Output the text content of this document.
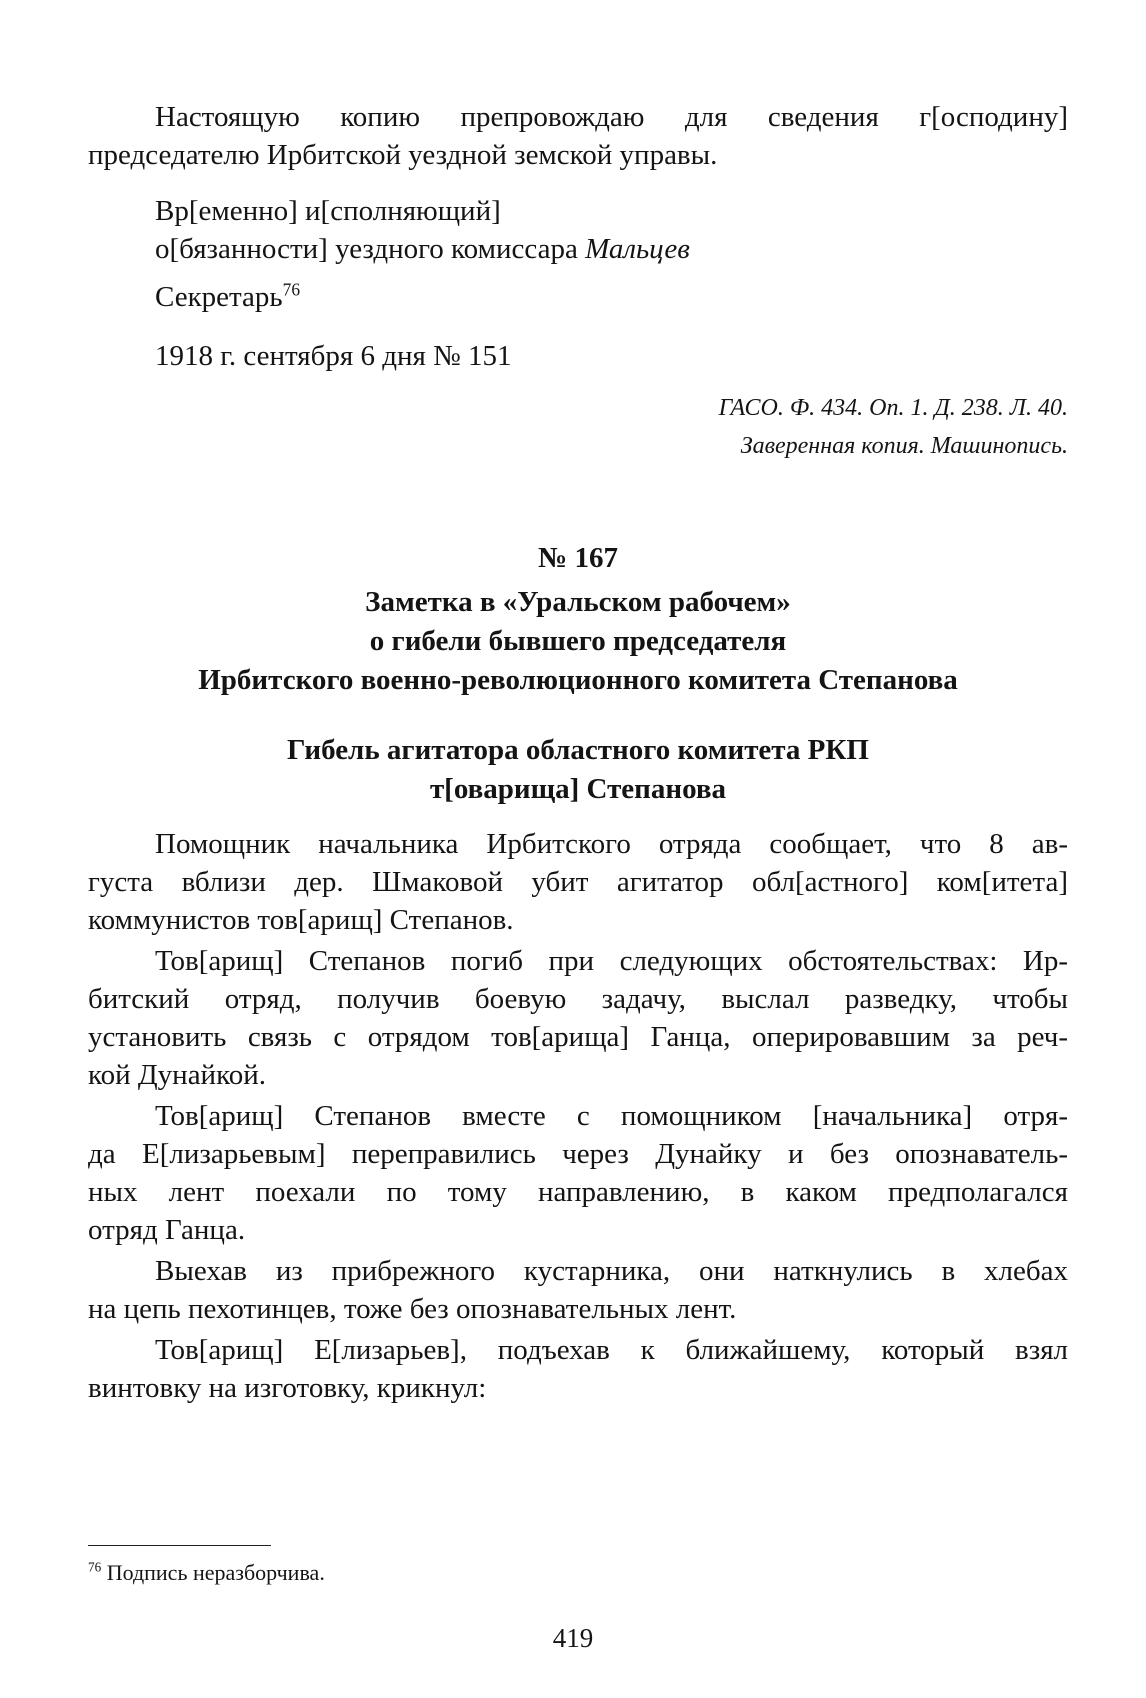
Настоящую копию препровождаю для сведения г[осподину]

председателю Ирбитской уездной земской управы.

Вр[еменно] и[сполняющий]

о[бязанности] уездного комиссара Мальцев

Секретарь$^{76}$

1918 г. сентября 6 дня № 151

ГАСО. Ф. 434. Оп. 1. Д. 238. Л. 40.

Заверенная копия. Машинопись.

№ 167

Заметка в «Уральском рабочем»

о гибели бывшего председателя

Ирбитского военно-революционного комитета Степанова

Гибель агитатора областного комитета РКП

т[оварища] Степанова

Помощник начальника Ирбитского отряда сообщает, что 8 ав-

густа вблизи дер. Шмаковой убит агитатор обл[астного] ком[итета]

коммунистов тов[арищ] Степанов.

Тов[арищ] Степанов погиб при следующих обстоятельствах: Ир-

битский отряд, получив боевую задачу, выслал разведку, чтобы

установить связь с отрядом тов[арища] Ганца, оперировавшим за реч-

кой Дунайкой.

Тов[арищ] Степанов вместе с помощником [начальника] отря-

да Е[лизарьевым] переправились через Дунайку и без опознаватель-

ных лент поехали по тому направлению, в каком предполагался

отряд Ганца.

Выехав из прибрежного кустарника, они наткнулись в хлебах

на цепь пехотинцев, тоже без опознавательных лент.

Тов[арищ] Е[лизарьев], подъехав к ближайшему, который взял

винтовку на изготовку, крикнул:

$^{76}$ Подпись неразборчива.

419
